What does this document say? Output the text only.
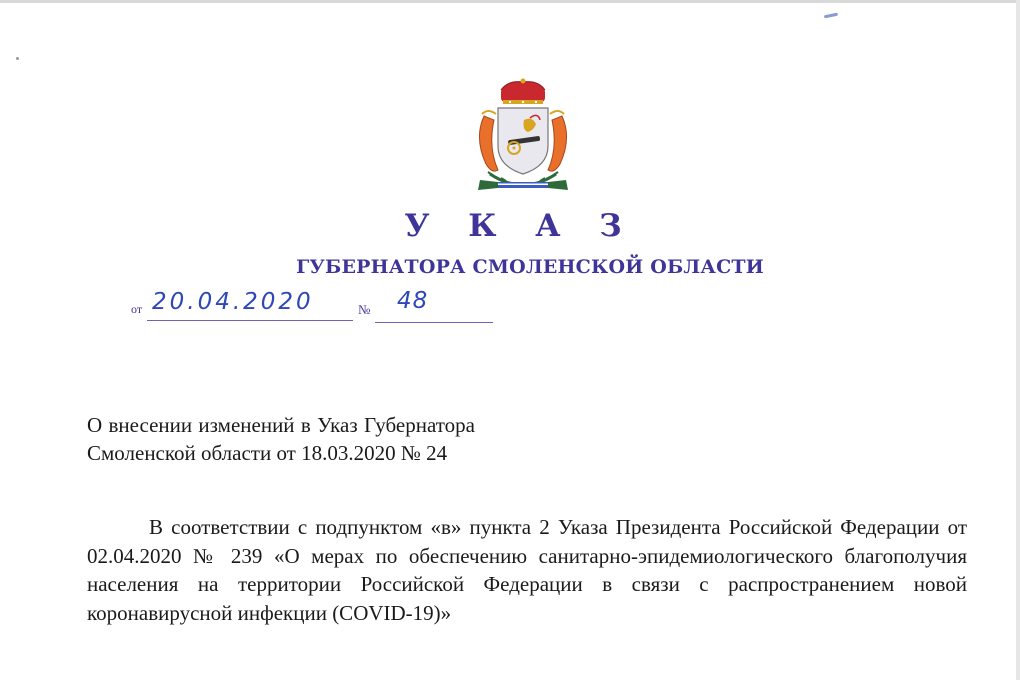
У К А З
ГУБЕРНАТОРА СМОЛЕНСКОЙ ОБЛАСТИ
от 20.04.2020	№ 48
О внесении изменений в Указ Губернатора Смоленской области от 18.03.2020 № 24
В соответствии с подпунктом «в» пункта 2 Указа Президента Российской Федерации от 02.04.2020 № 239 «О мерах по обеспечению санитарно-эпидемиологического благополучия населения на территории Российской Федерации в связи с распространением новой коронавирусной инфекции (COVID-19)»
